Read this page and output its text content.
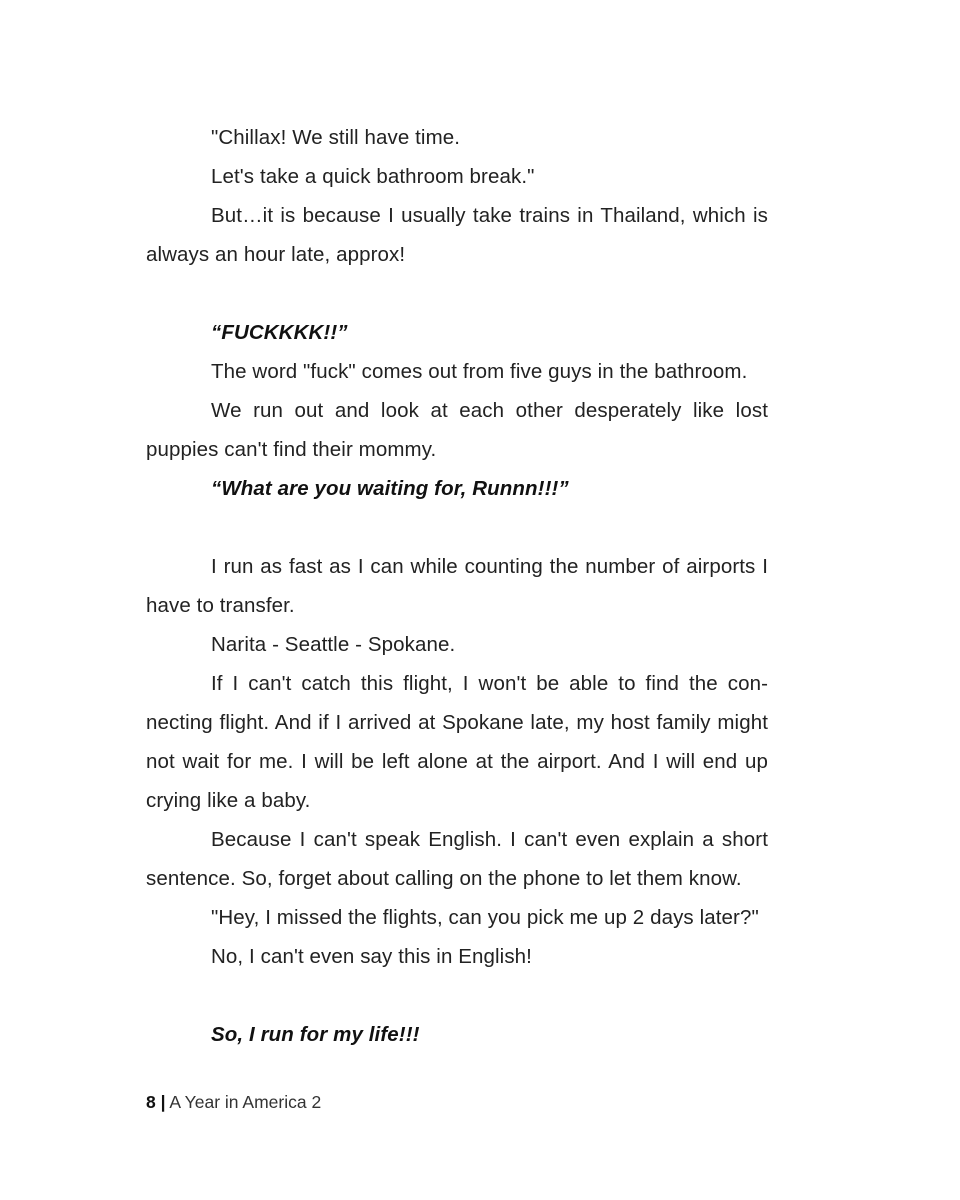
"Chillax! We still have time.

Let's take a quick bathroom break."

But…it is because I usually take trains in Thailand, which is always an hour late, approx!

“FUCKKKK!!”

The word "fuck" comes out from five guys in the bathroom.

We run out and look at each other desperately like lost puppies can't find their mommy.

“What are you waiting for, Runnn!!!”

I run as fast as I can while counting the number of airports I have to transfer.

Narita - Seattle - Spokane.

If I can't catch this flight, I won't be able to find the con-necting flight. And if I arrived at Spokane late, my host family might not wait for me. I will be left alone at the airport. And I will end up crying like a baby.

Because I can't speak English. I can't even explain a short sentence. So, forget about calling on the phone to let them know.

"Hey, I missed the flights, can you pick me up 2 days later?"

No, I can't even say this in English!

So, I run for my life!!!

8 | A Year in America 2
